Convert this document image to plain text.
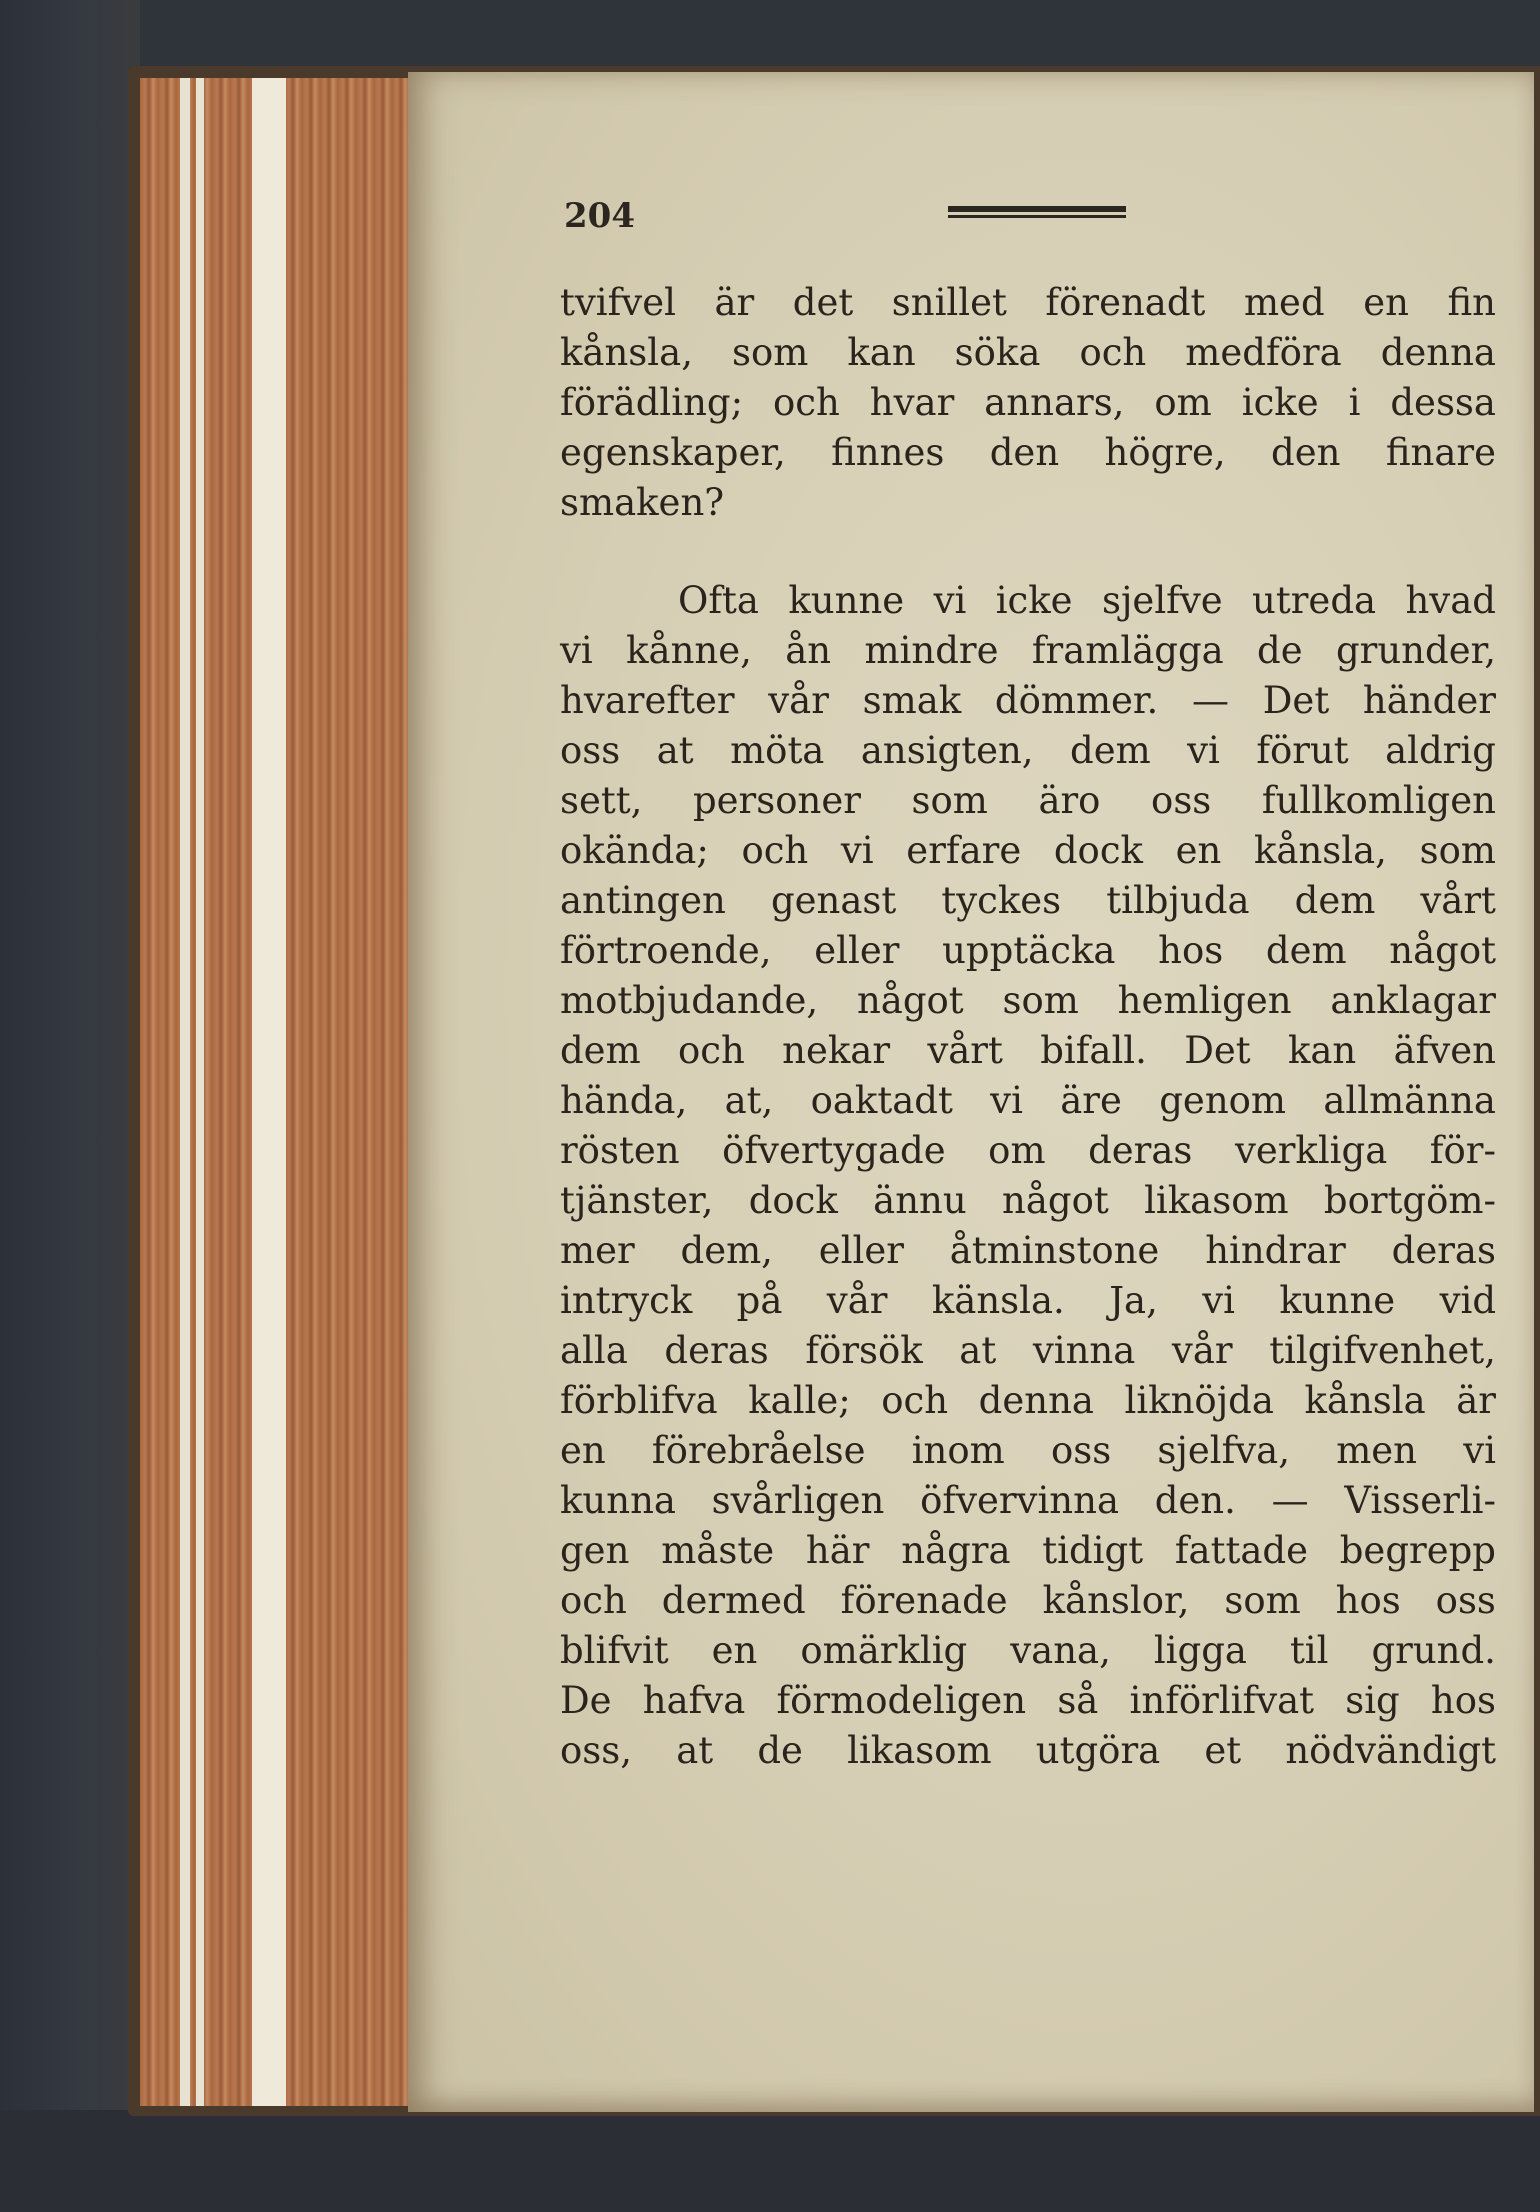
204
tvifvel är det snillet förenadt med en fin
kånsla, som kan söka och medföra denna
förädling; och hvar annars, om icke i dessa
egenskaper, finnes den högre, den finare
smaken?
Ofta kunne vi icke sjelfve utreda hvad
vi kånne, ån mindre framlägga de grunder,
hvarefter vår smak dömmer. — Det händer
oss at möta ansigten, dem vi förut aldrig
sett, personer som äro oss fullkomligen
okända; och vi erfare dock en kånsla, som
antingen genast tyckes tilbjuda dem vårt
förtroende, eller upptäcka hos dem något
motbjudande, något som hemligen anklagar
dem och nekar vårt bifall. Det kan äfven
hända, at, oaktadt vi äre genom allmänna
rösten öfvertygade om deras verkliga för-
tjänster, dock ännu något likasom bortgöm-
mer dem, eller åtminstone hindrar deras
intryck på vår känsla. Ja, vi kunne vid
alla deras försök at vinna vår tilgifvenhet,
förblifva kalle; och denna liknöjda kånsla är
en förebråelse inom oss sjelfva, men vi
kunna svårligen öfvervinna den. — Visserli-
gen måste här några tidigt fattade begrepp
och dermed förenade kånslor, som hos oss
blifvit en omärklig vana, ligga til grund.
De hafva förmodeligen så införlifvat sig hos
oss, at de likasom utgöra et nödvändigt
